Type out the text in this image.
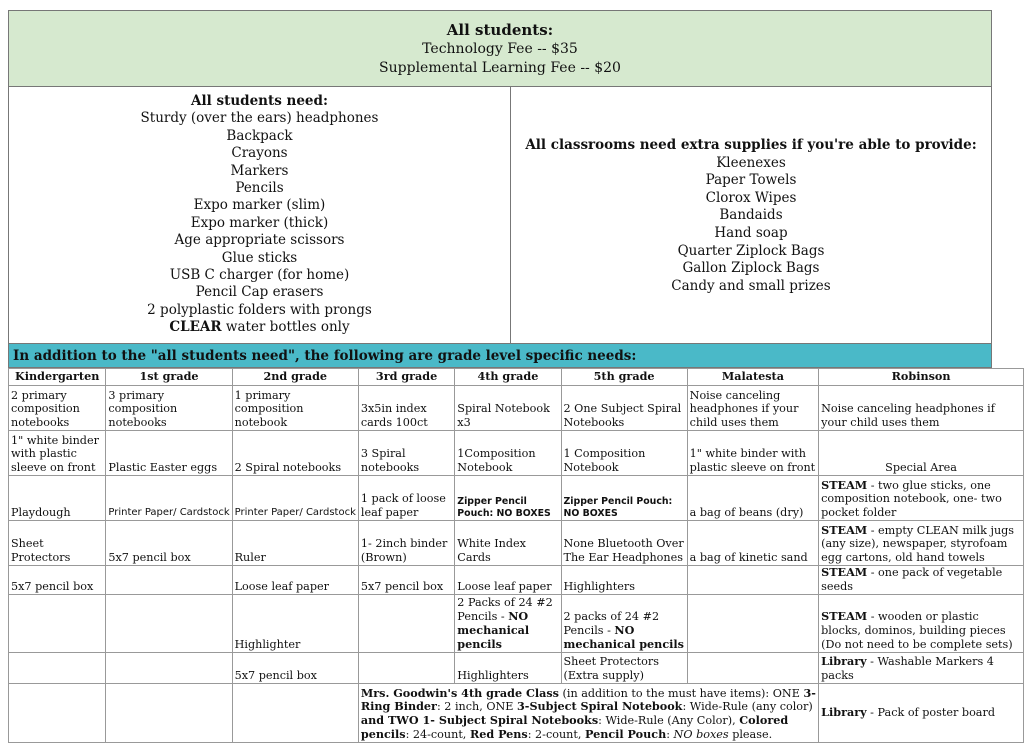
All students:
Technology Fee -- $35
Supplemental Learning Fee -- $20
All students need:
Sturdy (over the ears) headphones
Backpack
Crayons
Markers
Pencils
Expo marker (slim)
Expo marker (thick)
Age appropriate scissors
Glue sticks
USB C charger (for home)
Pencil Cap erasers
2 polyplastic folders with prongs
CLEAR water bottles only
All classrooms need extra supplies if you're able to provide:
Kleenexes
Paper Towels
Clorox Wipes
Bandaids
Hand soap
Quarter Ziplock Bags
Gallon Ziplock Bags
Candy and small prizes
In addition to the "all students need", the following are grade level specific needs:
Kindergarten	1st grade	2nd grade	3rd grade	4th grade	5th grade	Malatesta	Robinson
2 primary composition notebooks	3 primary composition notebooks	1 primary composition notebook	3x5in index cards 100ct	Spiral Notebook x3	2 One Subject Spiral Notebooks	Noise canceling headphones if your child uses them	Noise canceling headphones if your child uses them
1" white binder with plastic sleeve on front	Plastic Easter eggs	2 Spiral notebooks	3 Spiral notebooks	1Composition Notebook	1 Composition Notebook	1" white binder with plastic sleeve on front	Special Area
Playdough	Printer Paper/ Cardstock	Printer Paper/ Cardstock	1 pack of loose leaf paper	Zipper Pencil Pouch: NO BOXES	Zipper Pencil Pouch: NO BOXES	a bag of beans (dry)	STEAM - two glue sticks, one composition notebook, one- two pocket folder
Sheet Protectors	5x7 pencil box	Ruler	1- 2inch binder (Brown)	White Index Cards	None Bluetooth Over The Ear Headphones	a bag of kinetic sand	STEAM - empty CLEAN milk jugs (any size), newspaper, styrofoam egg cartons, old hand towels
5x7 pencil box		Loose leaf paper	5x7 pencil box	Loose leaf paper	Highlighters		STEAM - one pack of vegetable seeds
		Highlighter		2 Packs of 24 #2 Pencils - NO mechanical pencils	2 packs of 24 #2 Pencils - NO mechanical pencils		STEAM - wooden or plastic blocks, dominos, building pieces (Do not need to be complete sets)
		5x7 pencil box		Highlighters	Sheet Protectors (Extra supply)		Library - Washable Markers 4 packs
			Mrs. Goodwin's 4th grade Class (in addition to the must have items): ONE 3-Ring Binder: 2 inch, ONE 3-Subject Spiral Notebook: Wide-Rule (any color) and TWO 1- Subject Spiral Notebooks: Wide-Rule (Any Color), Colored pencils: 24-count, Red Pens: 2-count, Pencil Pouch: NO boxes please.				Library - Pack of poster board
